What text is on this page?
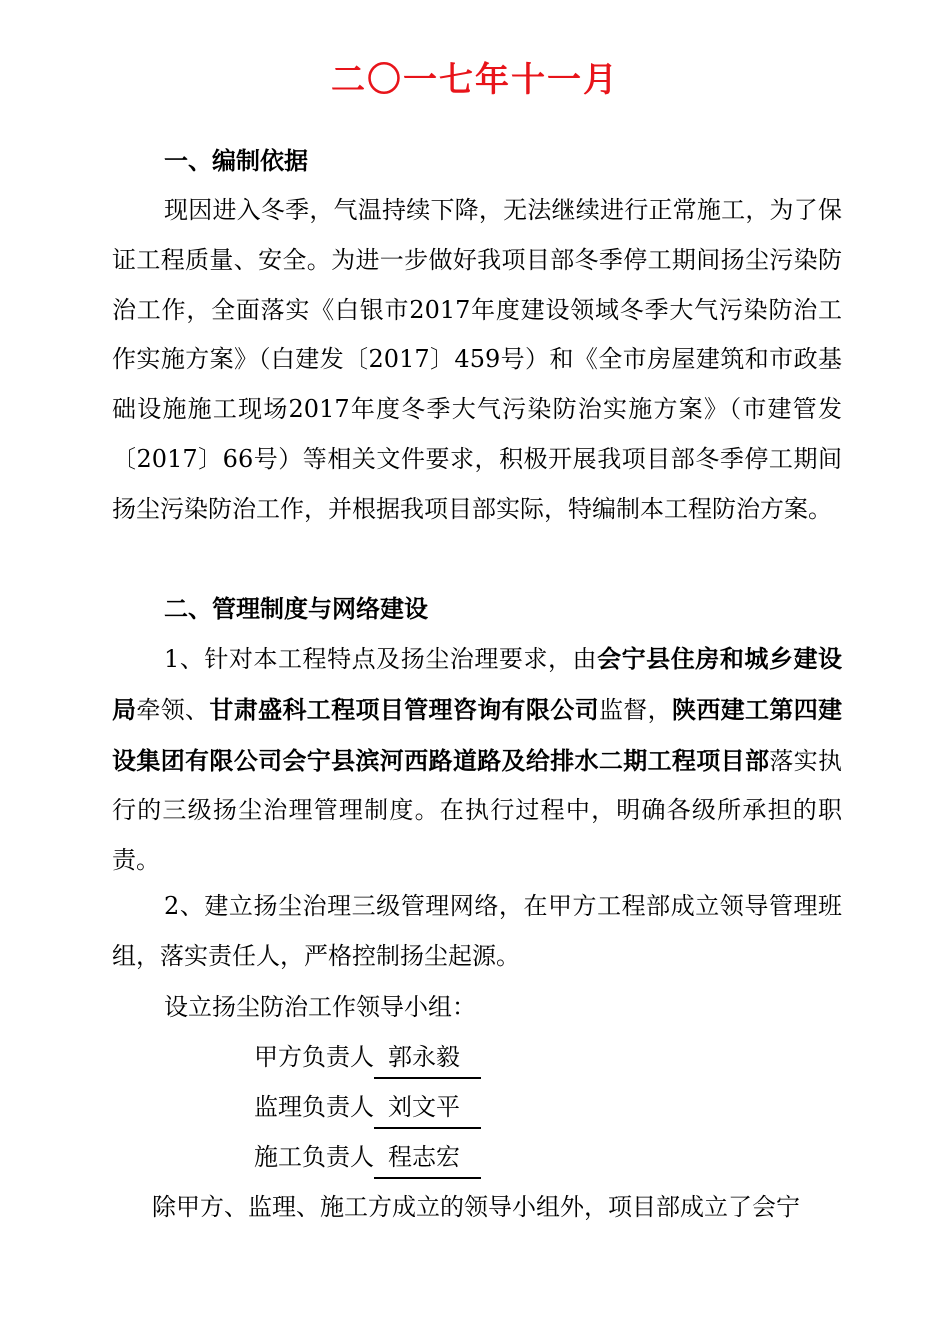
二〇一七年十一月
一、编制依据
现因进入冬季，气温持续下降，无法继续进行正常施工，为了保证工程质量、安全。为进一步做好我项目部冬季停工期间扬尘污染防治工作，全面落实《白银市2017年度建设领域冬季大气污染防治工作实施方案》（白建发〔2017〕459号）和《全市房屋建筑和市政基础设施施工现场2017年度冬季大气污染防治实施方案》（市建管发〔2017〕66号）等相关文件要求，积极开展我项目部冬季停工期间扬尘污染防治工作，并根据我项目部实际，特编制本工程防治方案。
二、管理制度与网络建设
1、针对本工程特点及扬尘治理要求，由会宁县住房和城乡建设局牵领、甘肃盛科工程项目管理咨询有限公司监督，陕西建工第四建设集团有限公司会宁县滨河西路道路及给排水二期工程项目部落实执行的三级扬尘治理管理制度。在执行过程中，明确各级所承担的职责。
2、建立扬尘治理三级管理网络，在甲方工程部成立领导管理班组，落实责任人，严格控制扬尘起源。
设立扬尘防治工作领导小组：
甲方负责人 郭永毅
监理负责人 刘文平
施工负责人 程志宏
除甲方、监理、施工方成立的领导小组外，项目部成立了会宁
